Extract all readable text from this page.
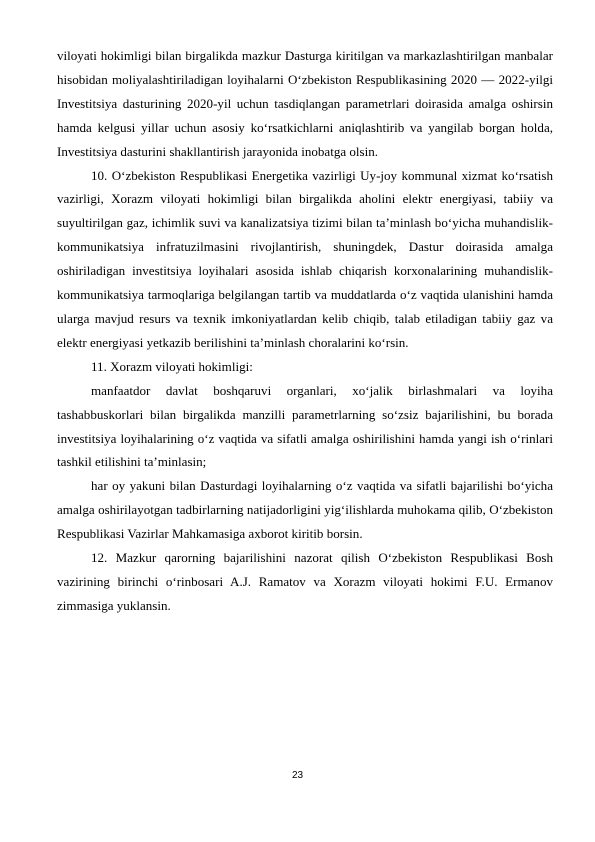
viloyati hokimligi bilan birgalikda mazkur Dasturga kiritilgan va markazlashtirilgan manbalar hisobidan moliyalashtiriladigan loyihalarni O‘zbekiston Respublikasining 2020 — 2022-yilgi Investitsiya dasturining 2020-yil uchun tasdiqlangan parametrlari doirasida amalga oshirsin hamda kelgusi yillar uchun asosiy ko‘rsatkichlarni aniqlashtirib va yangilab borgan holda, Investitsiya dasturini shakllantirish jarayonida inobatga olsin.

10. O‘zbekiston Respublikasi Energetika vazirligi Uy-joy kommunal xizmat ko‘rsatish vazirligi, Xorazm viloyati hokimligi bilan birgalikda aholini elektr energiyasi, tabiiy va suyultirilgan gaz, ichimlik suvi va kanalizatsiya tizimi bilan ta’minlash bo‘yicha muhandislik-kommunikatsiya infratuzilmasini rivojlantirish, shuningdek, Dastur doirasida amalga oshiriladigan investitsiya loyihalari asosida ishlab chiqarish korxonalarining muhandislik-kommunikatsiya tarmoqlariga belgilangan tartib va muddatlarda o‘z vaqtida ulanishini hamda ularga mavjud resurs va texnik imkoniyatlardan kelib chiqib, talab etiladigan tabiiy gaz va elektr energiyasi yetkazib berilishini ta’minlash choralarini ko‘rsin.

11. Xorazm viloyati hokimligi:

manfaatdor davlat boshqaruvi organlari, xo‘jalik birlashmalari va loyiha tashabbuskorlari bilan birgalikda manzilli parametrlarning so‘zsiz bajarilishini, bu borada investitsiya loyihalarining o‘z vaqtida va sifatli amalga oshirilishini hamda yangi ish o‘rinlari tashkil etilishini ta’minlasin;

har oy yakuni bilan Dasturdagi loyihalarning o‘z vaqtida va sifatli bajarilishi bo‘yicha amalga oshirilayotgan tadbirlarning natijadorligini yig‘ilishlarda muhokama qilib, O‘zbekiston Respublikasi Vazirlar Mahkamasiga axborot kiritib borsin.

12. Mazkur qarorning bajarilishini nazorat qilish O‘zbekiston Respublikasi Bosh vazirining birinchi o‘rinbosari A.J. Ramatov va Xorazm viloyati hokimi F.U. Ermanov zimmasiga yuklansin.

23
